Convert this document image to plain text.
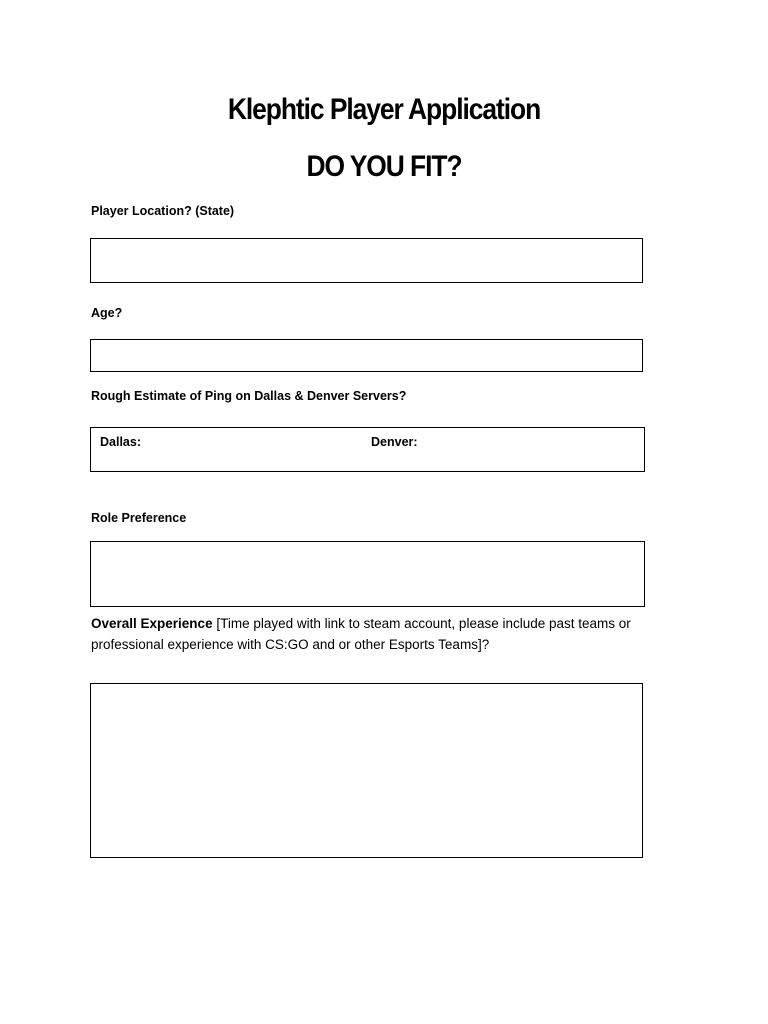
Klephtic Player Application
DO YOU FIT?
Player Location? (State)
Age?
Rough Estimate of Ping on Dallas & Denver Servers?
Dallas:	Denver:
Role Preference
Overall Experience [Time played with link to steam account, please include past teams or professional experience with CS:GO and or other Esports Teams]?
